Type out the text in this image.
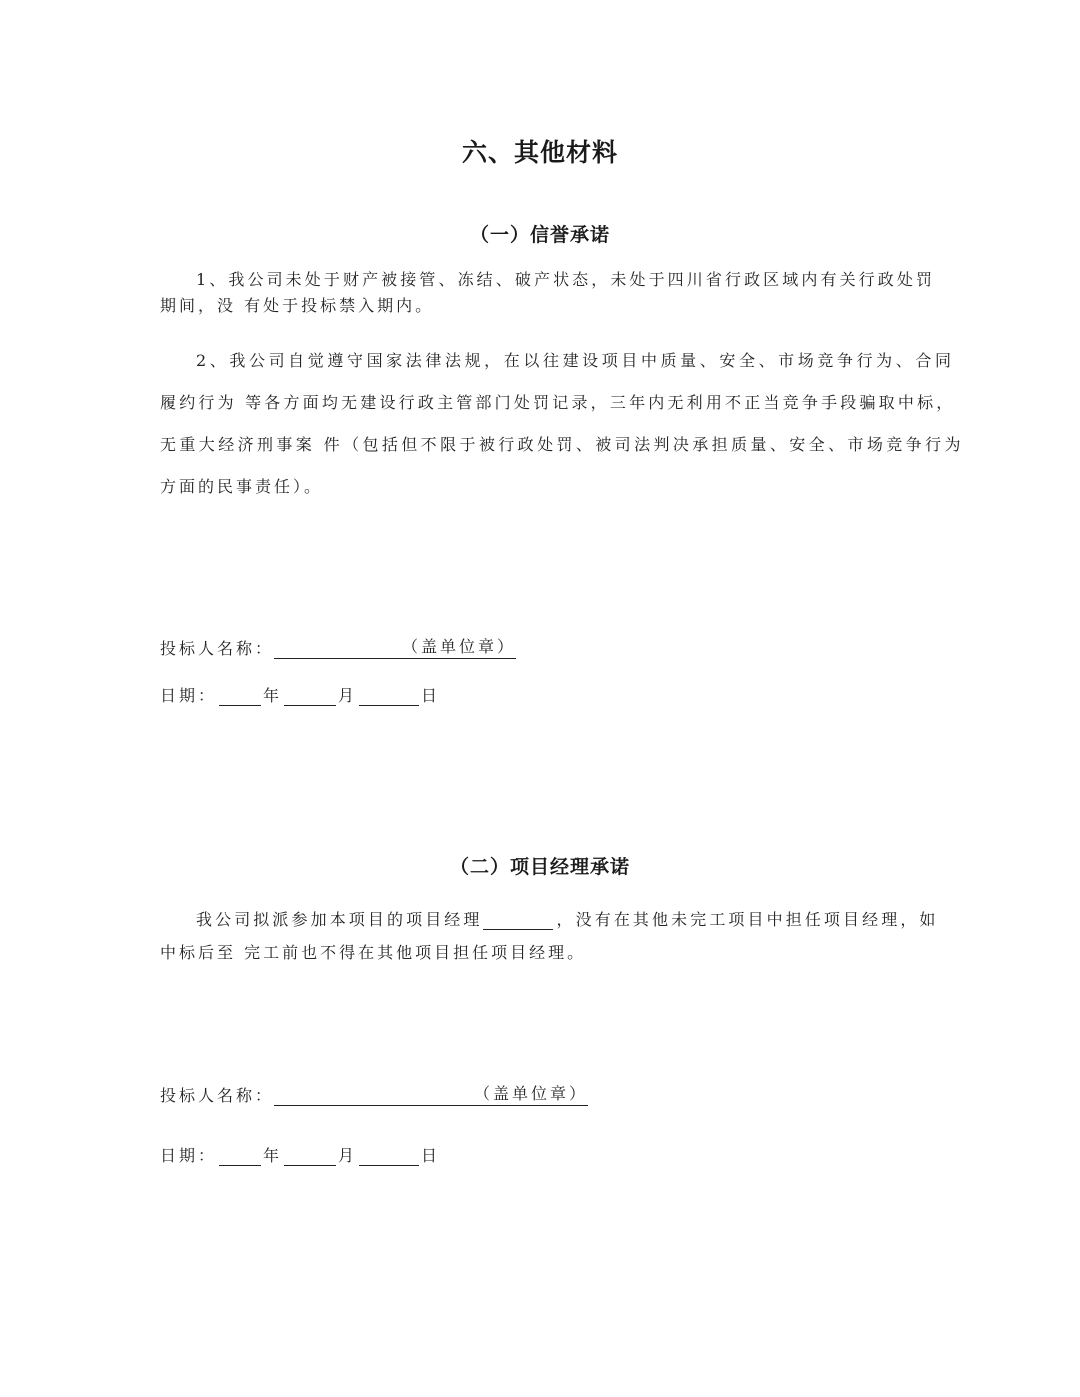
六、其他材料
（一）信誉承诺
1、我公司未处于财产被接管、冻结、破产状态，未处于四川省行政区域内有关行政处罚
期间，没 有处于投标禁入期内。
2、我公司自觉遵守国家法律法规，在以往建设项目中质量、安全、市场竞争行为、合同
履约行为 等各方面均无建设行政主管部门处罚记录，三年内无利用不正当竞争手段骗取中标，
无重大经济刑事案 件（包括但不限于被行政处罚、被司法判决承担质量、安全、市场竞争行为
方面的民事责任）。
投标人名称：	（盖单位章）
日期：	年	月	日
（二）项目经理承诺
我公司拟派参加本项目的项目经理	，没有在其他未完工项目中担任项目经理，如
中标后至 完工前也不得在其他项目担任项目经理。
投标人名称：	（盖单位章）
日期：	年	月	日
